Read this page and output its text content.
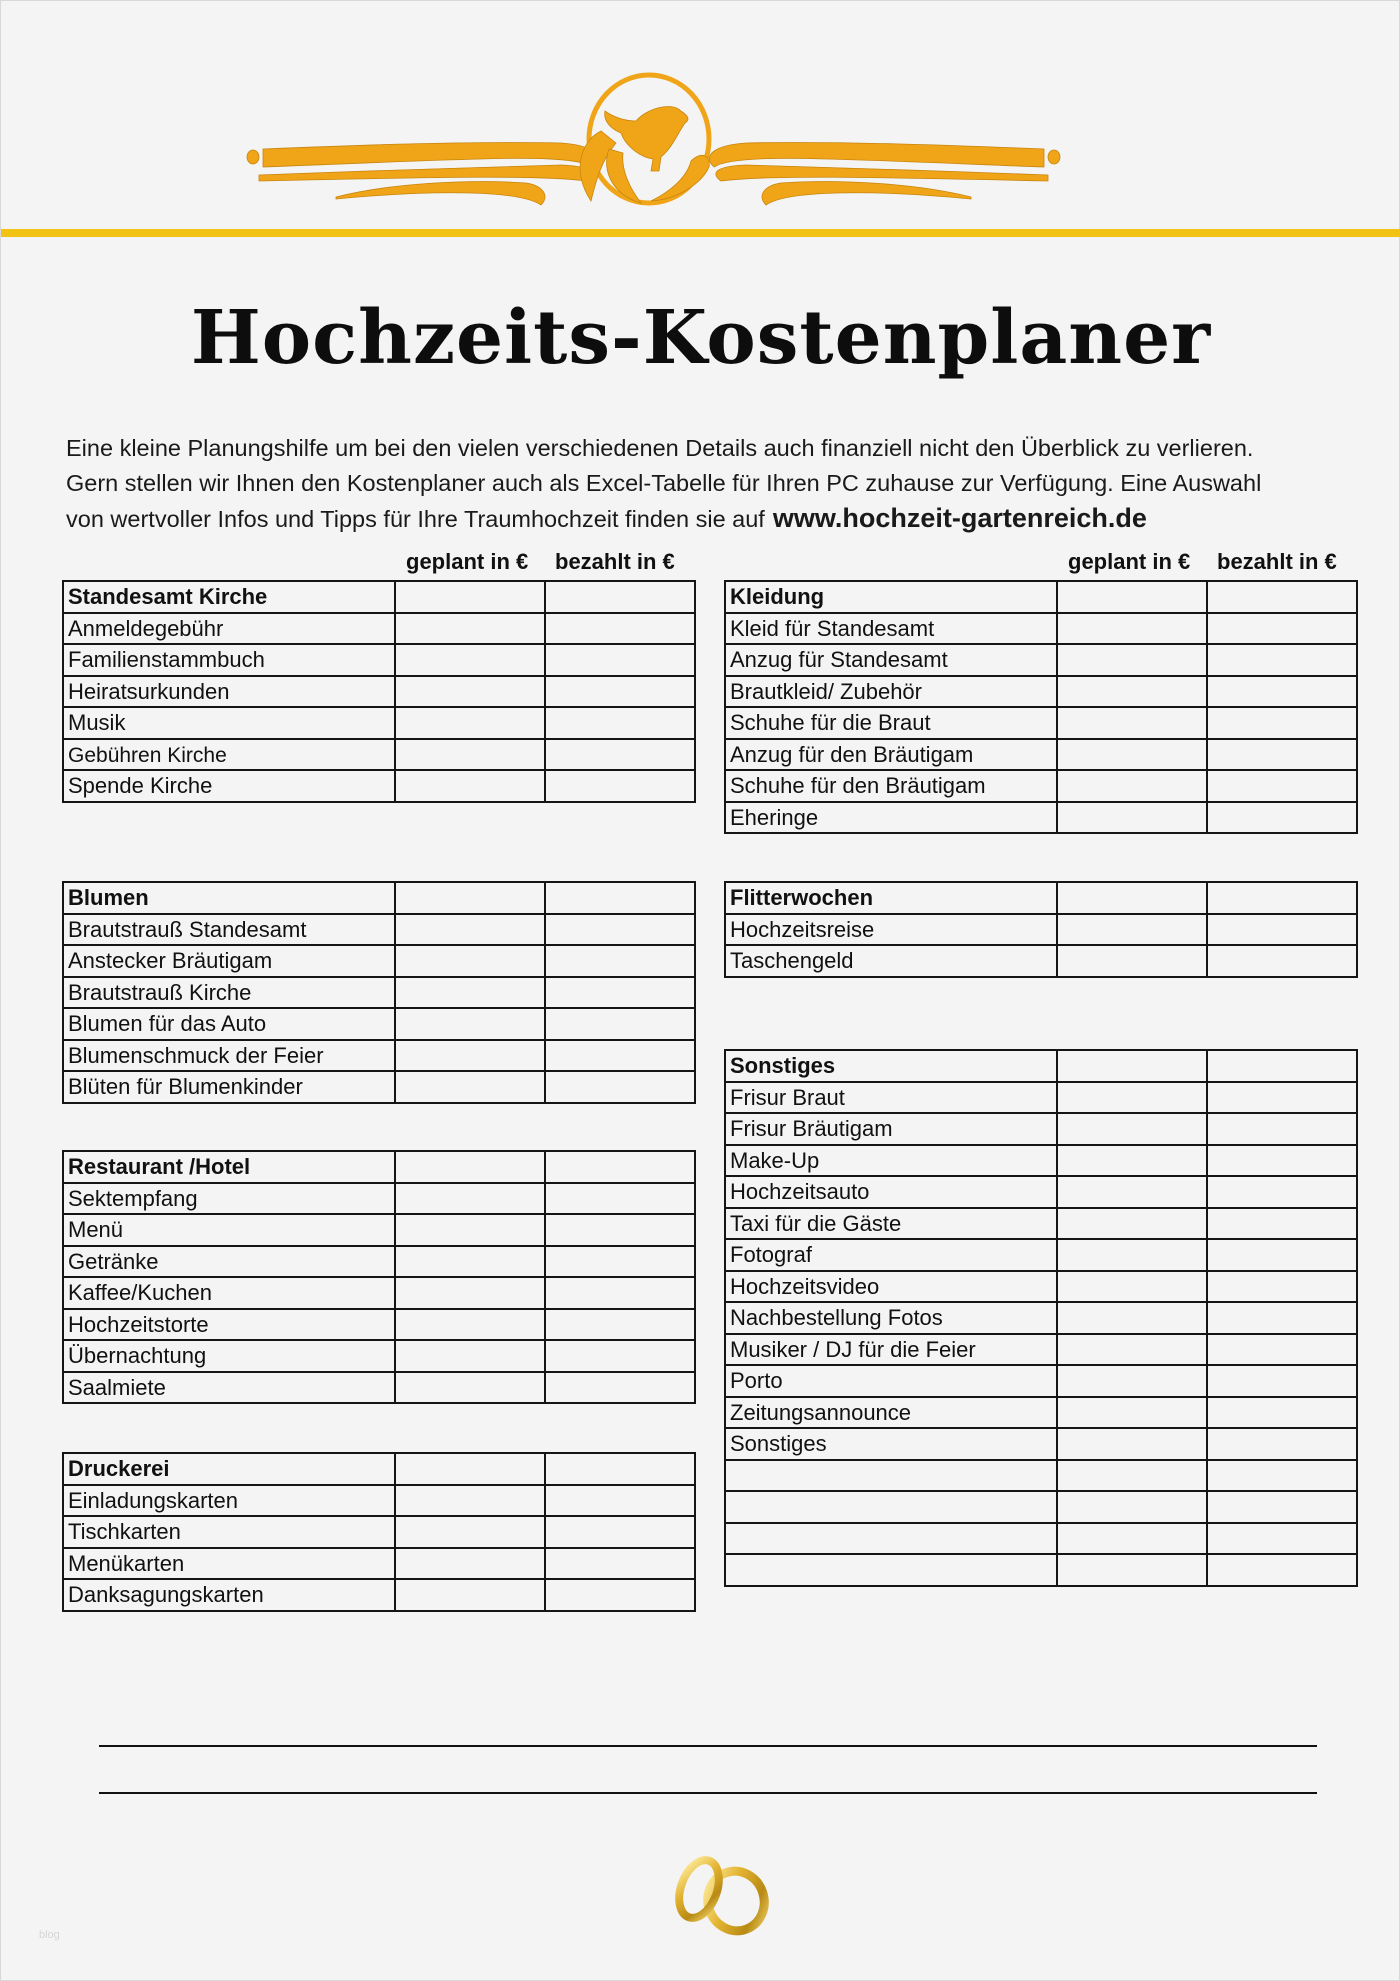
Hochzeits-Kostenplaner
Eine kleine Planungshilfe um bei den vielen verschiedenen Details auch finanziell nicht den Überblick zu verlieren.
Gern stellen wir Ihnen den Kostenplaner auch als Excel-Tabelle für Ihren PC zuhause zur Verfügung. Eine Auswahl
von wertvoller Infos und Tipps für Ihre Traumhochzeit finden sie auf www.hochzeit-gartenreich.de
geplant in € bezahlt in €	geplant in € bezahlt in €
Standesamt Kirche		
Anmeldegebühr		
Familienstammbuch		
Heiratsurkunden		
Musik		
Gebühren Kirche		
Spende Kirche		
Blumen		
Brautstrauß Standesamt		
Anstecker Bräutigam		
Brautstrauß Kirche		
Blumen für das Auto		
Blumenschmuck der Feier		
Blüten für Blumenkinder		
Restaurant /Hotel		
Sektempfang		
Menü		
Getränke		
Kaffee/Kuchen		
Hochzeitstorte		
Übernachtung		
Saalmiete		
Druckerei		
Einladungskarten		
Tischkarten		
Menükarten		
Danksagungskarten		
Kleidung		
Kleid für Standesamt		
Anzug für Standesamt		
Brautkleid/ Zubehör		
Schuhe für die Braut		
Anzug für den Bräutigam		
Schuhe für den Bräutigam		
Eheringe		
Flitterwochen		
Hochzeitsreise		
Taschengeld		
Sonstiges		
Frisur Braut		
Frisur Bräutigam		
Make-Up		
Hochzeitsauto		
Taxi für die Gäste		
Fotograf		
Hochzeitsvideo		
Nachbestellung Fotos		
Musiker / DJ für die Feier		
Porto		
Zeitungsannounce		
Sonstiges		

blog
